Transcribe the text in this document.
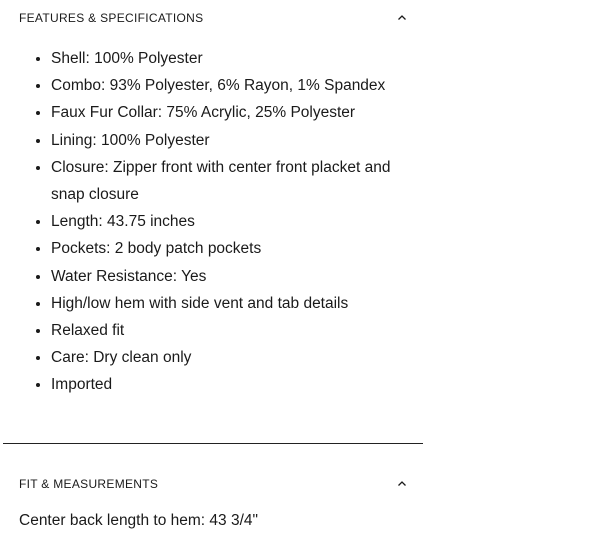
FEATURES & SPECIFICATIONS
• Shell: 100% Polyester
• Combo: 93% Polyester, 6% Rayon, 1% Spandex
• Faux Fur Collar: 75% Acrylic, 25% Polyester
• Lining: 100% Polyester
• Closure: Zipper front with center front placket and snap closure
• Length: 43.75 inches
• Pockets: 2 body patch pockets
• Water Resistance: Yes
• High/low hem with side vent and tab details
• Relaxed fit
• Care: Dry clean only
• Imported
FIT & MEASUREMENTS

Center back length to hem: 43 3/4"
